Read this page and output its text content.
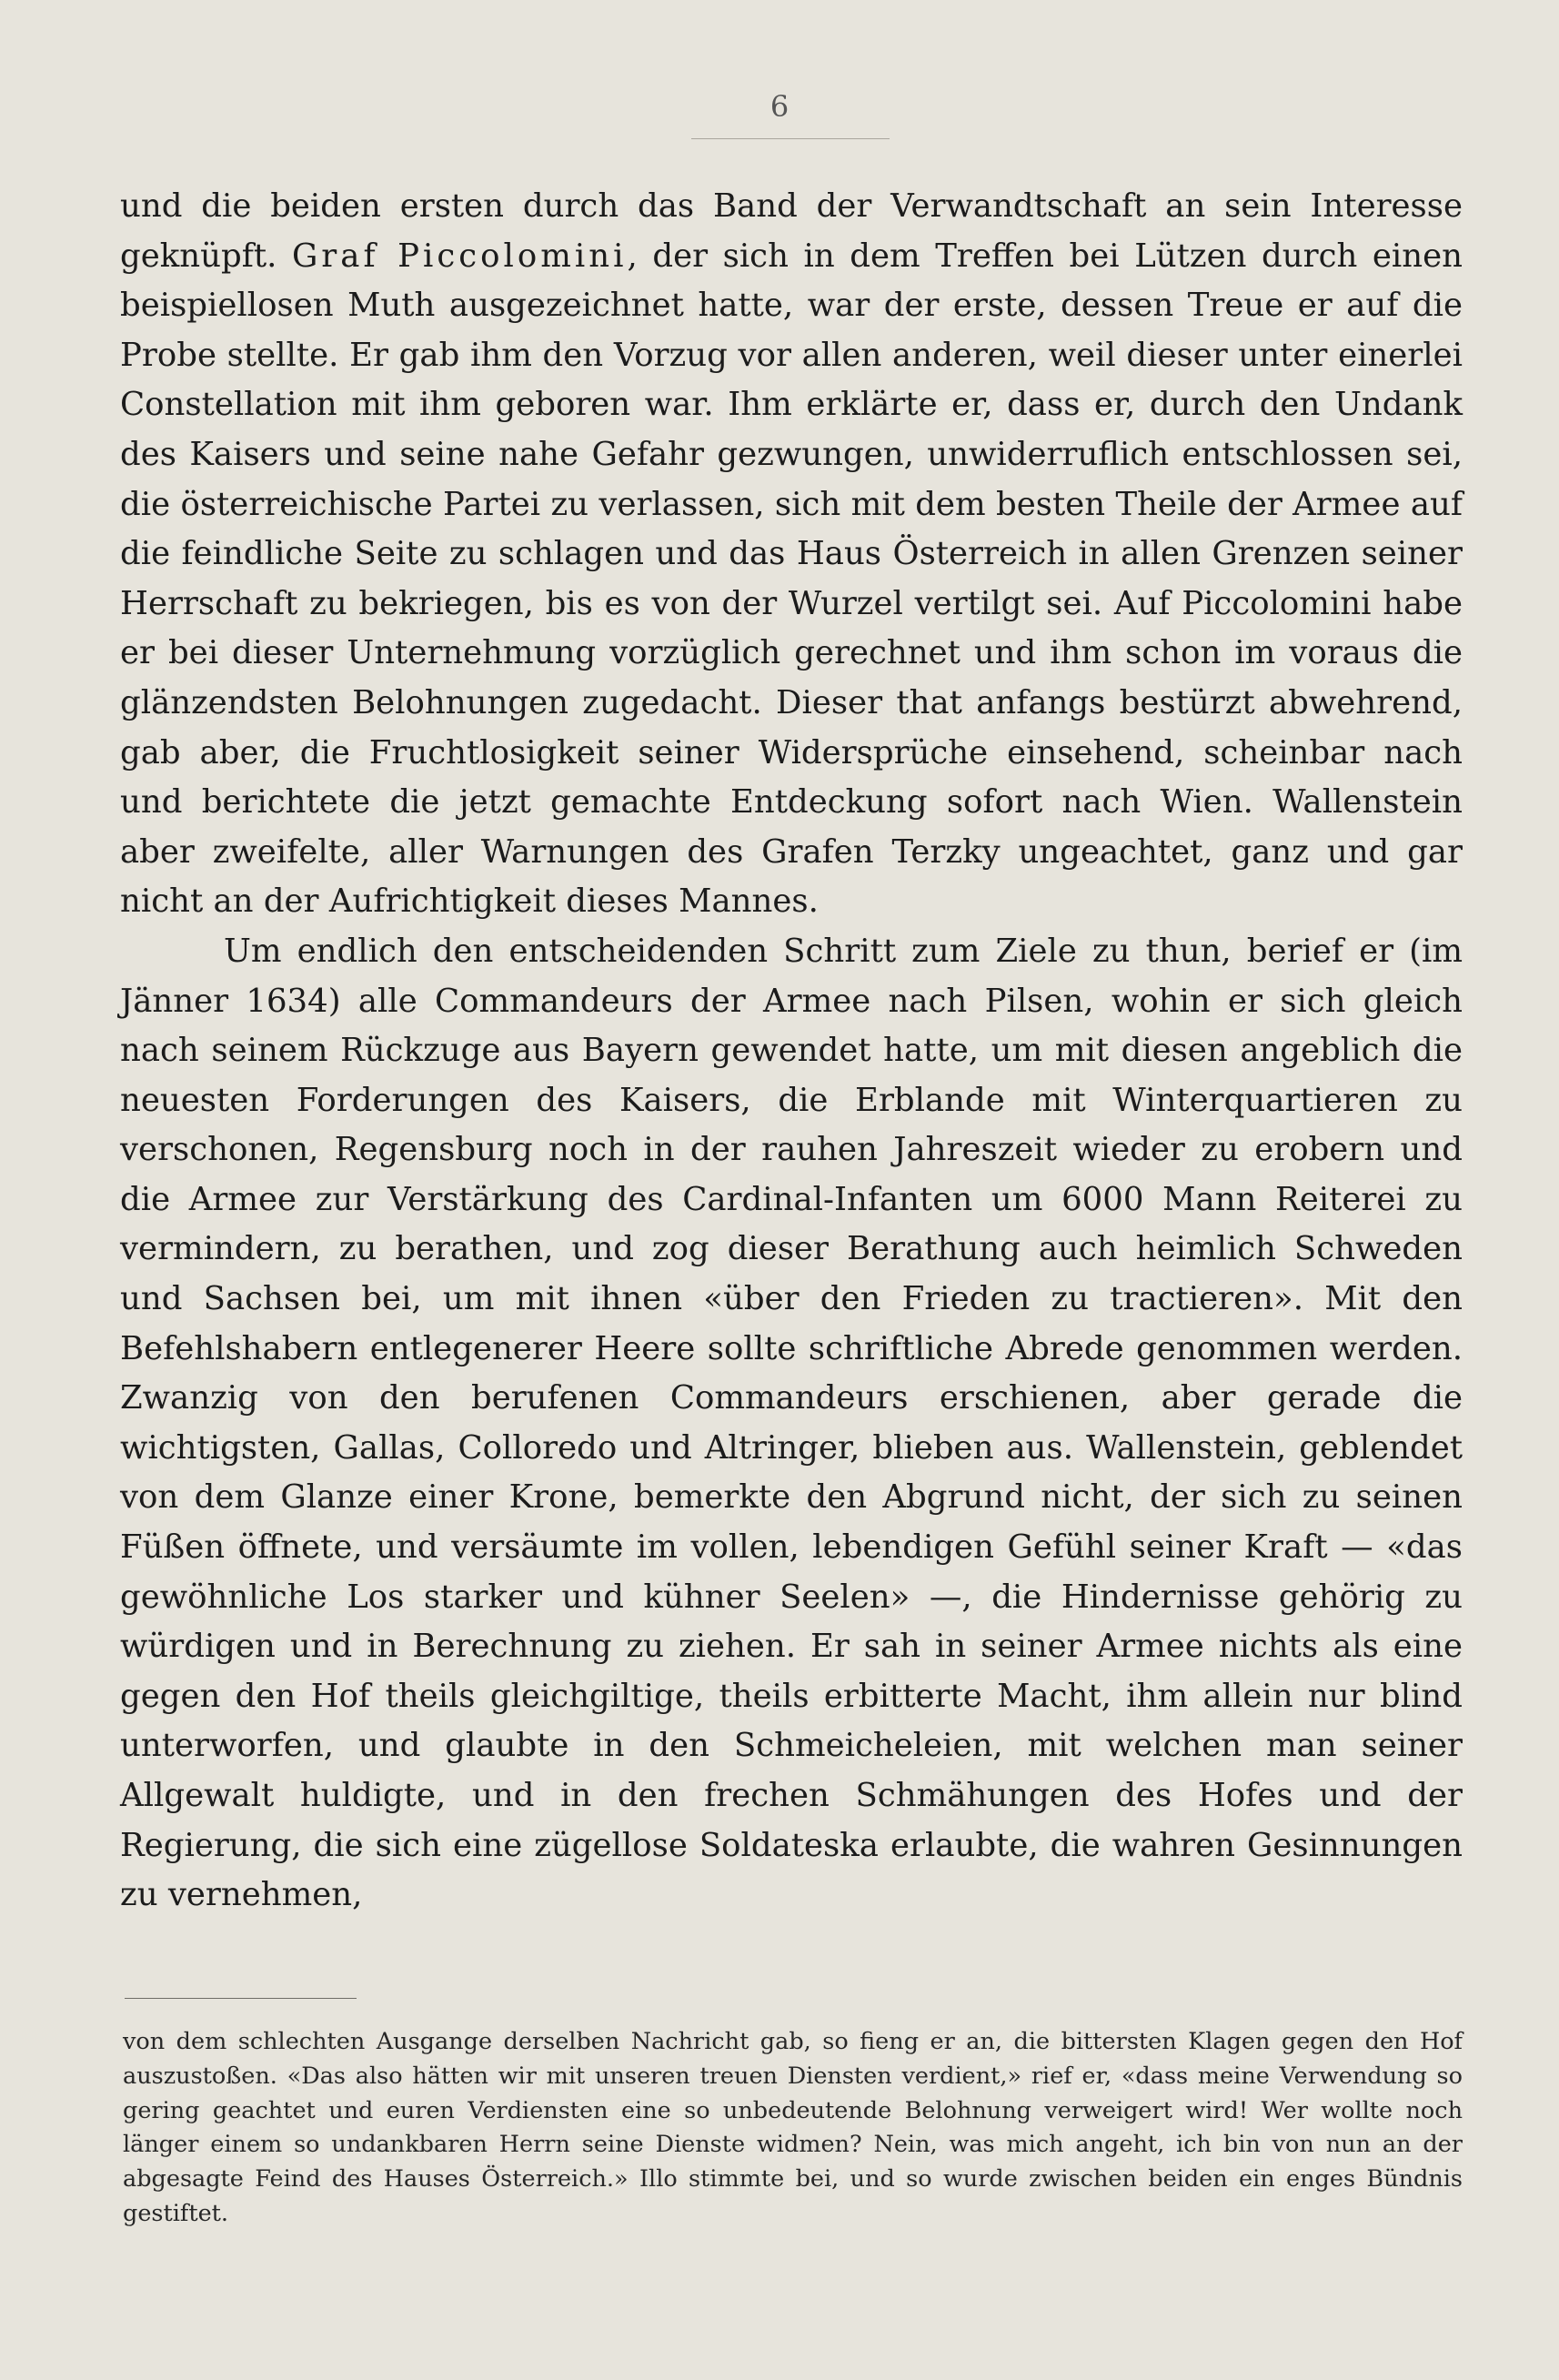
6

und die beiden ersten durch das Band der Verwandtschaft an sein Interesse geknüpft. Graf Piccolomini, der sich in dem Treffen bei Lützen durch einen beispiellosen Muth ausgezeichnet hatte, war der erste, dessen Treue er auf die Probe stellte. Er gab ihm den Vorzug vor allen anderen, weil dieser unter einerlei Constellation mit ihm geboren war. Ihm erklärte er, dass er, durch den Undank des Kaisers und seine nahe Gefahr gezwungen, unwiderruflich entschlossen sei, die österreichische Partei zu verlassen, sich mit dem besten Theile der Armee auf die feindliche Seite zu schlagen und das Haus Österreich in allen Grenzen seiner Herrschaft zu bekriegen, bis es von der Wurzel vertilgt sei. Auf Piccolomini habe er bei dieser Unternehmung vorzüglich gerechnet und ihm schon im voraus die glänzendsten Belohnungen zugedacht. Dieser that anfangs bestürzt abwehrend, gab aber, die Fruchtlosigkeit seiner Widersprüche einsehend, scheinbar nach und berichtete die jetzt gemachte Entdeckung sofort nach Wien. Wallenstein aber zweifelte, aller Warnungen des Grafen Terzky ungeachtet, ganz und gar nicht an der Aufrichtigkeit dieses Mannes.

Um endlich den entscheidenden Schritt zum Ziele zu thun, berief er (im Jänner 1634) alle Commandeurs der Armee nach Pilsen, wohin er sich gleich nach seinem Rückzuge aus Bayern gewendet hatte, um mit diesen angeblich die neuesten Forderungen des Kaisers, die Erblande mit Winterquartieren zu verschonen, Regensburg noch in der rauhen Jahreszeit wieder zu erobern und die Armee zur Verstärkung des Cardinal-Infanten um 6000 Mann Reiterei zu vermindern, zu berathen, und zog dieser Berathung auch heimlich Schweden und Sachsen bei, um mit ihnen «über den Frieden zu tractieren». Mit den Befehlshabern entlegenerer Heere sollte schriftliche Abrede genommen werden. Zwanzig von den berufenen Commandeurs erschienen, aber gerade die wichtigsten, Gallas, Colloredo und Altringer, blieben aus. Wallenstein, geblendet von dem Glanze einer Krone, bemerkte den Abgrund nicht, der sich zu seinen Füßen öffnete, und versäumte im vollen, lebendigen Gefühl seiner Kraft — «das gewöhnliche Los starker und kühner Seelen» —, die Hindernisse gehörig zu würdigen und in Berechnung zu ziehen. Er sah in seiner Armee nichts als eine gegen den Hof theils gleichgiltige, theils erbitterte Macht, ihm allein nur blind unterworfen, und glaubte in den Schmeicheleien, mit welchen man seiner Allgewalt huldigte, und in den frechen Schmähungen des Hofes und der Regierung, die sich eine zügellose Soldateska erlaubte, die wahren Gesinnungen zu vernehmen,

von dem schlechten Ausgange derselben Nachricht gab, so fieng er an, die bittersten Klagen gegen den Hof auszustoßen. «Das also hätten wir mit unseren treuen Diensten verdient,» rief er, «dass meine Verwendung so gering geachtet und euren Verdiensten eine so unbedeutende Belohnung verweigert wird! Wer wollte noch länger einem so undankbaren Herrn seine Dienste widmen? Nein, was mich angeht, ich bin von nun an der abgesagte Feind des Hauses Österreich.» Illo stimmte bei, und so wurde zwischen beiden ein enges Bündnis gestiftet.
